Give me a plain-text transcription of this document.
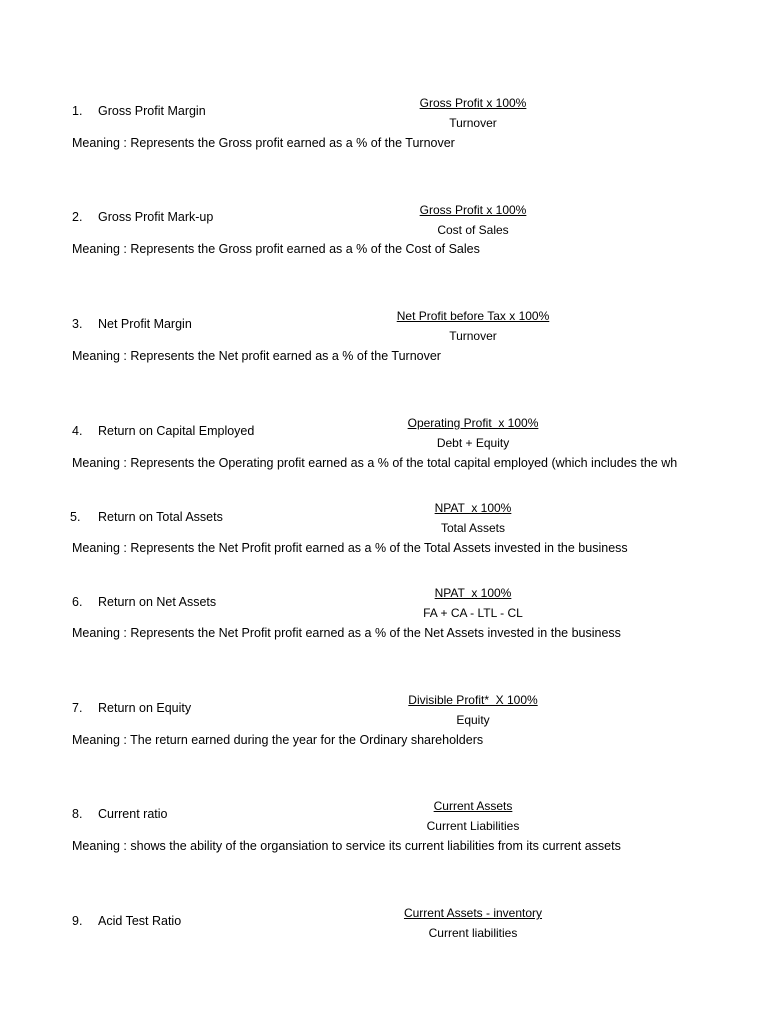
1. Gross Profit Margin
Gross Profit x 100%
Turnover
Meaning : Represents the Gross profit earned as a % of the Turnover
2. Gross Profit Mark-up	Gross Profit x 100%
Cost of Sales
Meaning : Represents the Gross profit earned as a % of the Cost of Sales
3. Net Profit Margin
Net Profit before Tax x 100%
Turnover
Meaning : Represents the Net profit earned as a % of the Turnover
4. Return on Capital Employed
Operating Profit  x 100%
Debt + Equity
Meaning : Represents the Operating profit earned as a % of the total capital employed (which includes the wh
5. Return on Total Assets
NPAT  x 100%
Total Assets
Meaning : Represents the Net Profit profit earned as a % of the Total Assets invested in the business
6. Return on Net Assets
NPAT  x 100%
FA + CA - LTL - CL
Meaning : Represents the Net Profit profit earned as a % of the Net Assets invested in the business
7. Return on Equity
Divisible Profit*  X 100%
Equity
Meaning : The return earned during the year for the Ordinary shareholders
8. Current ratio
Current Assets
Current Liabilities
Meaning : shows the ability of the organsiation to service its current liabilities from its current assets
9. Acid Test Ratio
Current Assets - inventory
Current liabilities
